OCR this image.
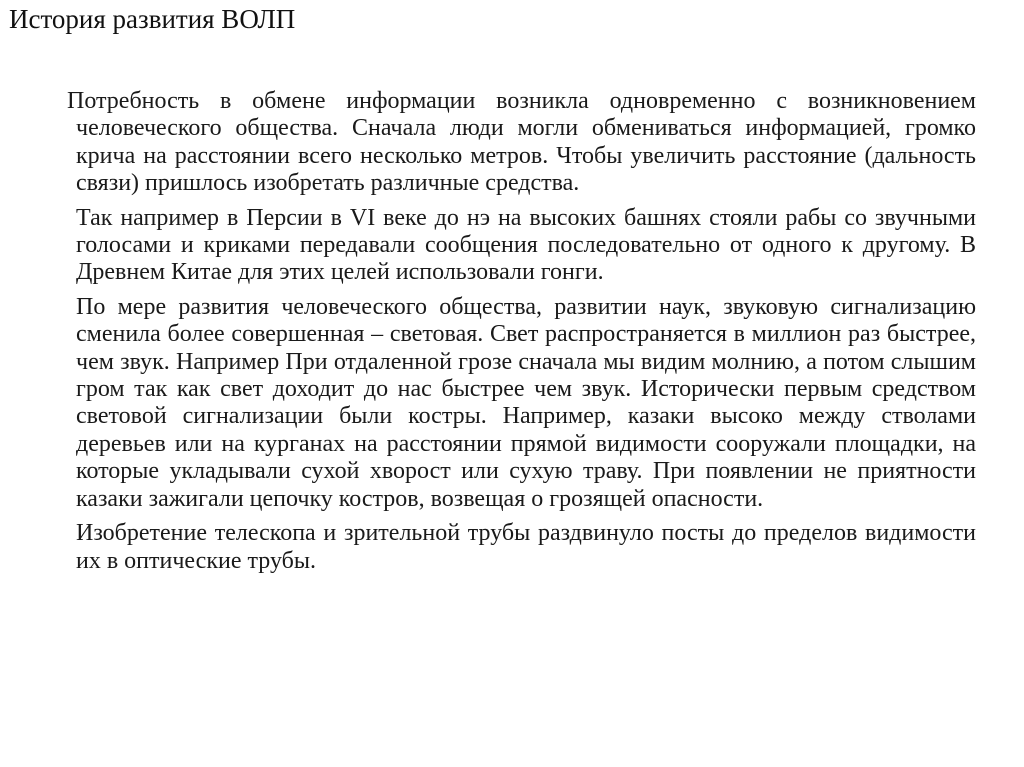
История развития ВОЛП

Потребность в обмене информации возникла одновременно с возникновением человеческого общества. Сначала люди могли обмениваться информацией, громко крича на расстоянии всего несколько метров. Чтобы увеличить расстояние (дальность связи) пришлось изобретать различные средства.

Так например в Персии в VI веке до нэ на высоких башнях стояли рабы со звучными голосами и криками передавали сообщения последовательно от одного к другому. В Древнем Китае для этих целей использовали гонги.

По мере развития человеческого общества, развитии наук, звуковую сигнализацию сменила более совершенная – световая. Свет распространяется в миллион раз быстрее, чем звук. Например При отдаленной грозе сначала мы видим молнию, а потом слышим гром так как свет доходит до нас быстрее чем звук. Исторически первым средством световой сигнализации были костры. Например, казаки высоко между стволами деревьев или на курганах на расстоянии прямой видимости сооружали площадки, на которые укладывали сухой хворост или сухую траву. При появлении не приятности казаки зажигали цепочку костров, возвещая о грозящей опасности.

Изобретение телескопа и зрительной трубы раздвинуло посты до пределов видимости их в оптические трубы.
